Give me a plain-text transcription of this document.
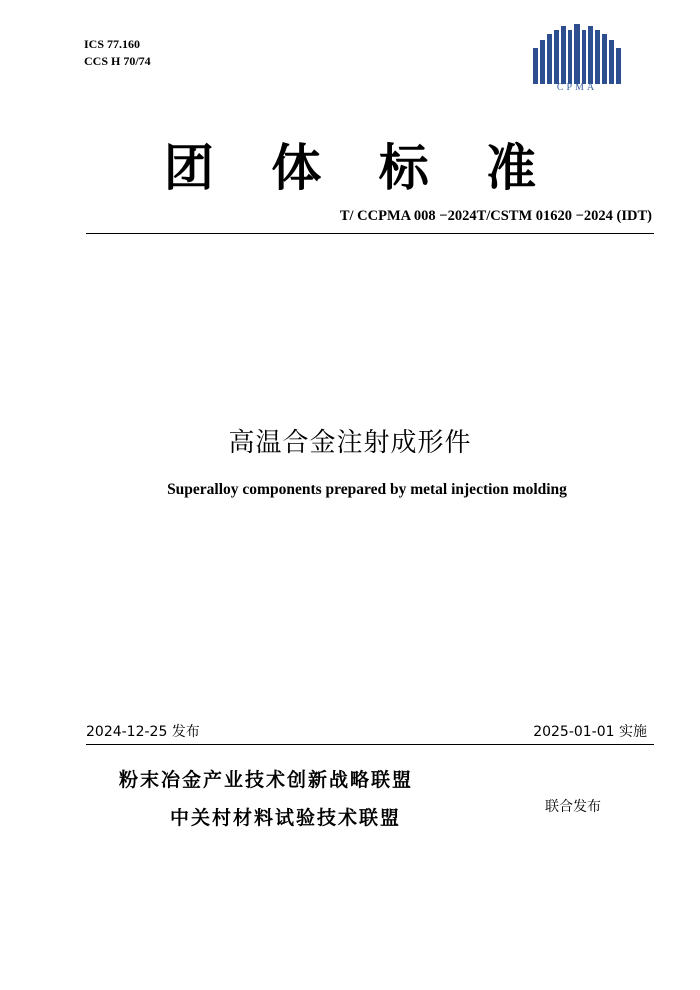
ICS 77.160
CCS H 70/74
CPMA
团 体 标 准
T/ CCPMA 008 −2024T/CSTM 01620 −2024 (IDT)
高温合金注射成形件
Superalloy components prepared by metal injection molding
2024-12-25 发布	2025-01-01 实施
粉末冶金产业技术创新战略联盟
中关村材料试验技术联盟	联合发布
